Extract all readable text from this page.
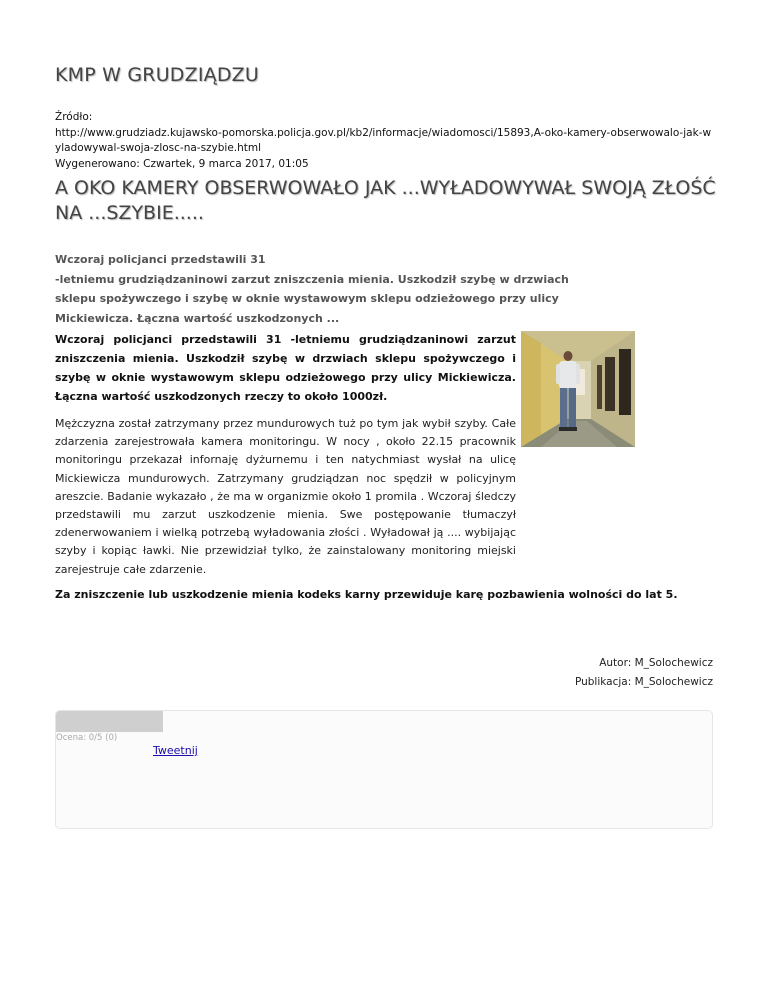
KMP W GRUDZIĄDZU
Źródło:
http://www.grudziadz.kujawsko-pomorska.policja.gov.pl/kb2/informacje/wiadomosci/15893,A-oko-kamery-obserwowalo-jak-w
yladowywal-swoja-zlosc-na-szybie.html
Wygenerowano: Czwartek, 9 marca 2017, 01:05
A OKO KAMERY OBSERWOWAŁO JAK ...WYŁADOWYWAŁ SWOJĄ ZŁOŚĆ NA ...SZYBIE.....
Wczoraj policjanci przedstawili 31
-letniemu grudziądzaninowi zarzut zniszczenia mienia. Uszkodził szybę w drzwiach
sklepu spożywczego i szybę w oknie wystawowym sklepu odzieżowego przy ulicy
Mickiewicza. Łączna wartość uszkodzonych ...
Wczoraj policjanci przedstawili 31 -letniemu grudziądzaninowi zarzut zniszczenia mienia. Uszkodził szybę w drzwiach sklepu spożywczego i szybę w oknie wystawowym sklepu odzieżowego przy ulicy Mickiewicza. Łączna wartość uszkodzonych rzeczy to około 1000zł.
Mężczyzna został zatrzymany przez mundurowych tuż po tym jak wybił szyby. Całe zdarzenia zarejestrowała kamera monitoringu. W nocy , około 22.15 pracownik monitoringu przekazał infornaję dyżurnemu i ten natychmiast wysłał na ulicę Mickiewicza mundurowych. Zatrzymany grudziądzan noc spędził w policyjnym areszcie. Badanie wykazało , że ma w organizmie około 1 promila . Wczoraj śledczy przedstawili mu zarzut uszkodzenie mienia. Swe postępowanie tłumaczył zdenerwowaniem i wielką potrzebą wyładowania złości . Wyładował ją .... wybijając szyby i kopiąc ławki. Nie przewidział tylko, że zainstalowany monitoring miejski zarejestruje całe zdarzenie.
Za zniszczenie lub uszkodzenie mienia kodeks karny przewiduje karę pozbawienia wolności do lat 5.
Autor: M_Solochewicz
Publikacja: M_Solochewicz
Ocena: 0/5 (0)
Tweetnij
